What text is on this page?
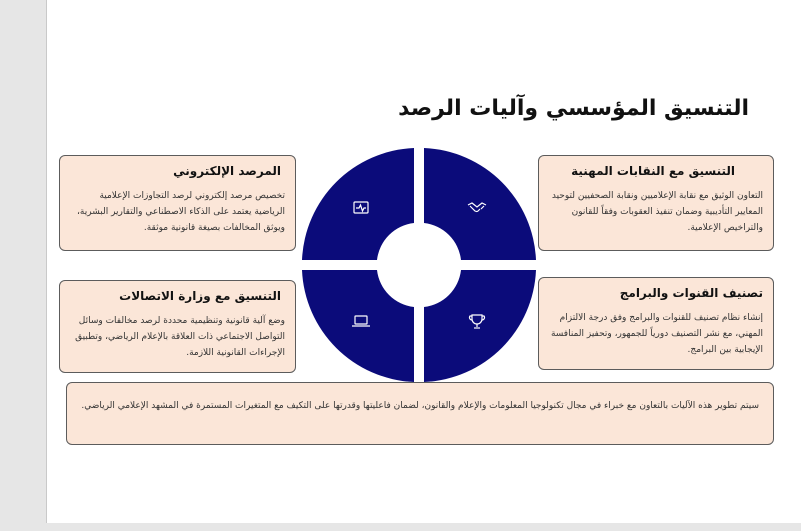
التنسيق المؤسسي وآليات الرصد
المرصد الإلكتروني

تخصيص مرصد إلكتروني لرصد التجاوزات الإعلامية الرياضية يعتمد على الذكاء الاصطناعي والتقارير البشرية، ويوثق المخالفات بصيغة قانونية موثقة.

التنسيق مع النقابات المهنية

التعاون الوثيق مع نقابة الإعلاميين ونقابة الصحفيين لتوحيد المعايير التأديبية وضمان تنفيذ العقوبات وفقاً للقانون والتراخيص الإعلامية.

التنسيق مع وزارة الاتصالات

وضع آلية قانونية وتنظيمية محددة لرصد مخالفات وسائل التواصل الاجتماعي ذات العلاقة بالإعلام الرياضي، وتطبيق الإجراءات القانونية اللازمة.

تصنيف القنوات والبرامج

إنشاء نظام تصنيف للقنوات والبرامج وفق درجة الالتزام المهني، مع نشر التصنيف دورياً للجمهور، وتحفيز المنافسة الإيجابية بين البرامج.

سيتم تطوير هذه الآليات بالتعاون مع خبراء في مجال تكنولوجيا المعلومات والإعلام والقانون، لضمان فاعليتها وقدرتها على التكيف مع المتغيرات المستمرة في المشهد الإعلامي الرياضي.
